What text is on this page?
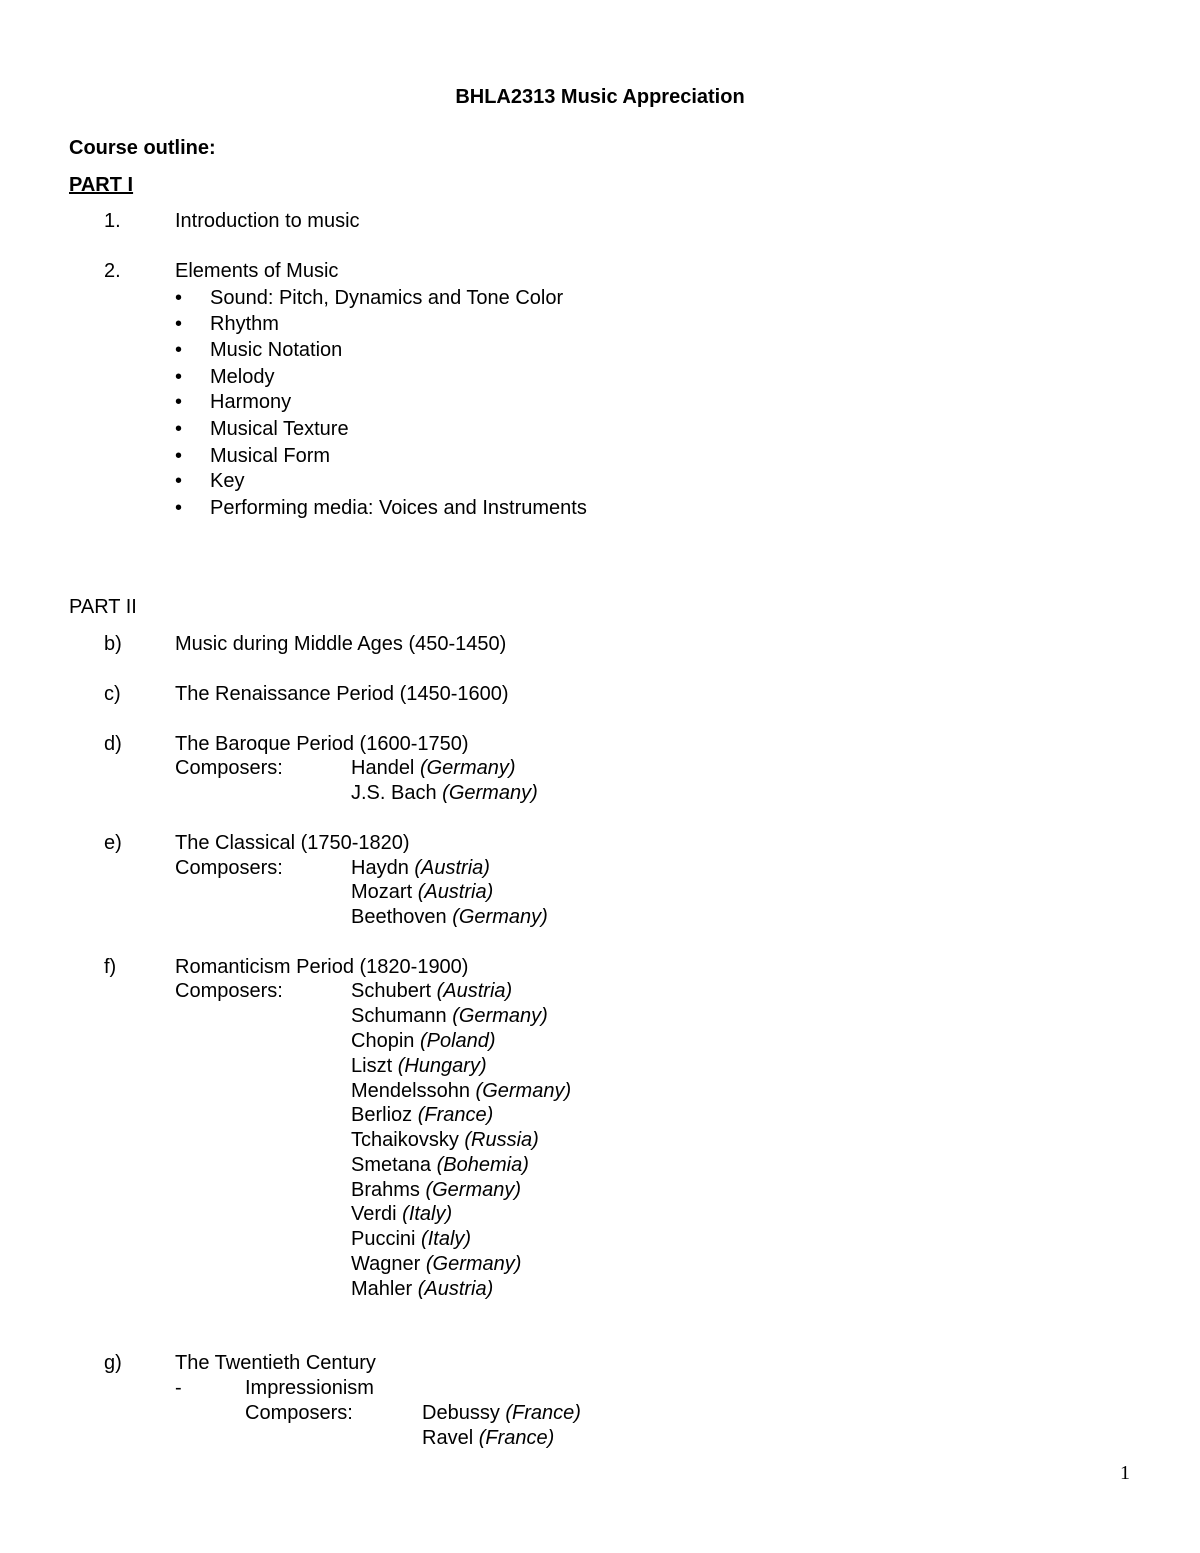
BHLA2313 Music Appreciation
Course outline:
PART I
1.	Introduction to music
2.	Elements of Music
•	Sound: Pitch, Dynamics and Tone Color
•	Rhythm
•	Music Notation
•	Melody
•	Harmony
•	Musical Texture
•	Musical Form
•	Key
•	Performing media: Voices and Instruments
PART II
b)	Music during Middle Ages (450-1450)
c)	The Renaissance Period (1450-1600)
d)	The Baroque Period (1600-1750)
Composers:	Handel (Germany)
J.S. Bach (Germany)
e)	The Classical (1750-1820)
Composers:	Haydn (Austria)
Mozart (Austria)
Beethoven (Germany)
f)	Romanticism Period (1820-1900)
Composers:	Schubert (Austria)
Schumann (Germany)
Chopin (Poland)
Liszt (Hungary)
Mendelssohn (Germany)
Berlioz (France)
Tchaikovsky (Russia)
Smetana (Bohemia)
Brahms (Germany)
Verdi (Italy)
Puccini (Italy)
Wagner (Germany)
Mahler (Austria)
g)	The Twentieth Century
-	Impressionism
Composers:	Debussy (France)
Ravel (France)
1
